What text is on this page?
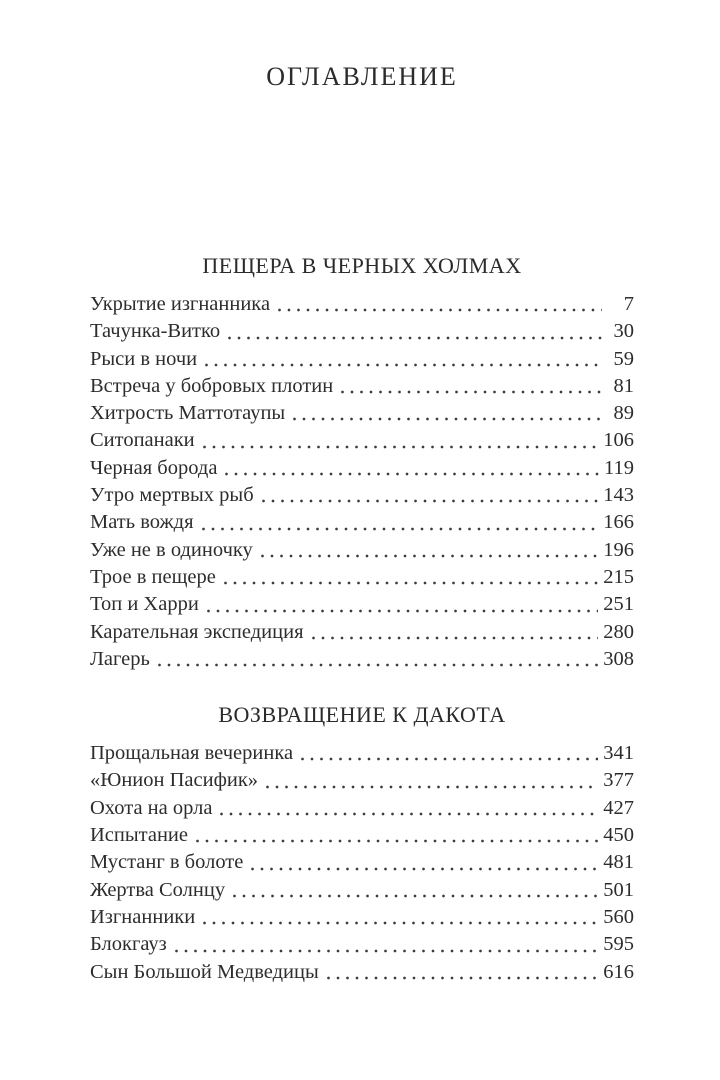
ОГЛАВЛЕНИЕ
ПЕЩЕРА В ЧЕРНЫХ ХОЛМАХ
Укрытие изгнанника	7
Тачунка-Витко	30
Рыси в ночи	59
Встреча у бобровых плотин	81
Хитрость Маттотаупы	89
Ситопанаки	106
Черная борода	119
Утро мертвых рыб	143
Мать вождя	166
Уже не в одиночку	196
Трое в пещере	215
Топ и Харри	251
Карательная экспедиция	280
Лагерь	308
ВОЗВРАЩЕНИЕ К ДАКОТА
Прощальная вечеринка	341
«Юнион Пасифик»	377
Охота на орла	427
Испытание	450
Мустанг в болоте	481
Жертва Солнцу	501
Изгнанники	560
Блокгауз	595
Сын Большой Медведицы	616
